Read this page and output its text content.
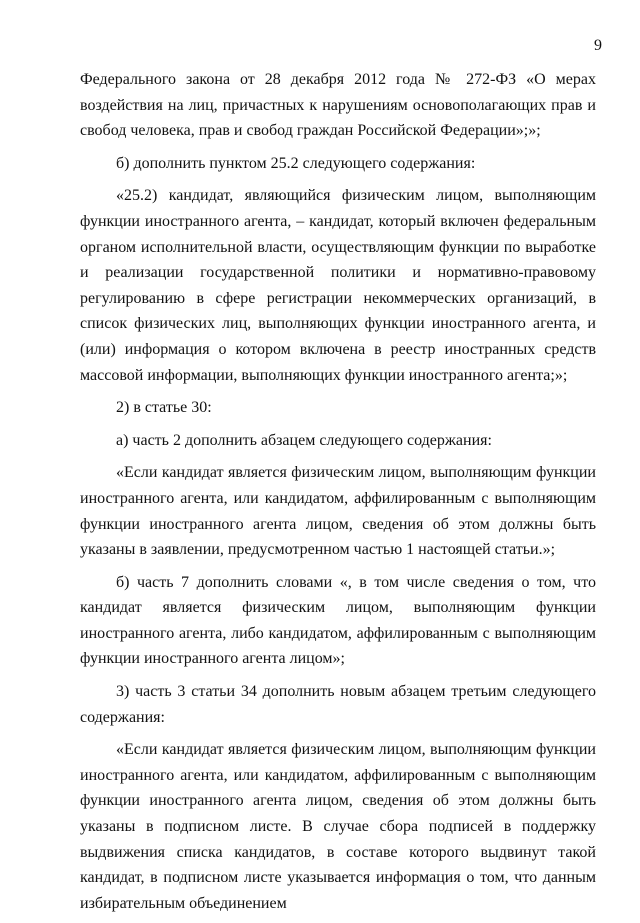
9

Федерального закона от 28 декабря 2012 года № 272-ФЗ «О мерах воздействия на лиц, причастных к нарушениям основополагающих прав и свобод человека, прав и свобод граждан Российской Федерации»;»;

б) дополнить пунктом 25.2 следующего содержания:

«25.2) кандидат, являющийся физическим лицом, выполняющим функции иностранного агента, – кандидат, который включен федеральным органом исполнительной власти, осуществляющим функции по выработке и реализации государственной политики и нормативно-правовому регулированию в сфере регистрации некоммерческих организаций, в список физических лиц, выполняющих функции иностранного агента, и (или) информация о котором включена в реестр иностранных средств массовой информации, выполняющих функции иностранного агента;»;

2) в статье 30:

а) часть 2 дополнить абзацем следующего содержания:

«Если кандидат является физическим лицом, выполняющим функции иностранного агента, или кандидатом, аффилированным с выполняющим функции иностранного агента лицом, сведения об этом должны быть указаны в заявлении, предусмотренном частью 1 настоящей статьи.»;

б) часть 7 дополнить словами «, в том числе сведения о том, что кандидат является физическим лицом, выполняющим функции иностранного агента, либо кандидатом, аффилированным с выполняющим функции иностранного агента лицом»;

3) часть 3 статьи 34 дополнить новым абзацем третьим следующего содержания:

«Если кандидат является физическим лицом, выполняющим функции иностранного агента, или кандидатом, аффилированным с выполняющим функции иностранного агента лицом, сведения об этом должны быть указаны в подписном листе. В случае сбора подписей в поддержку выдвижения списка кандидатов, в составе которого выдвинут такой кандидат, в подписном листе указывается информация о том, что данным избирательным объединением
